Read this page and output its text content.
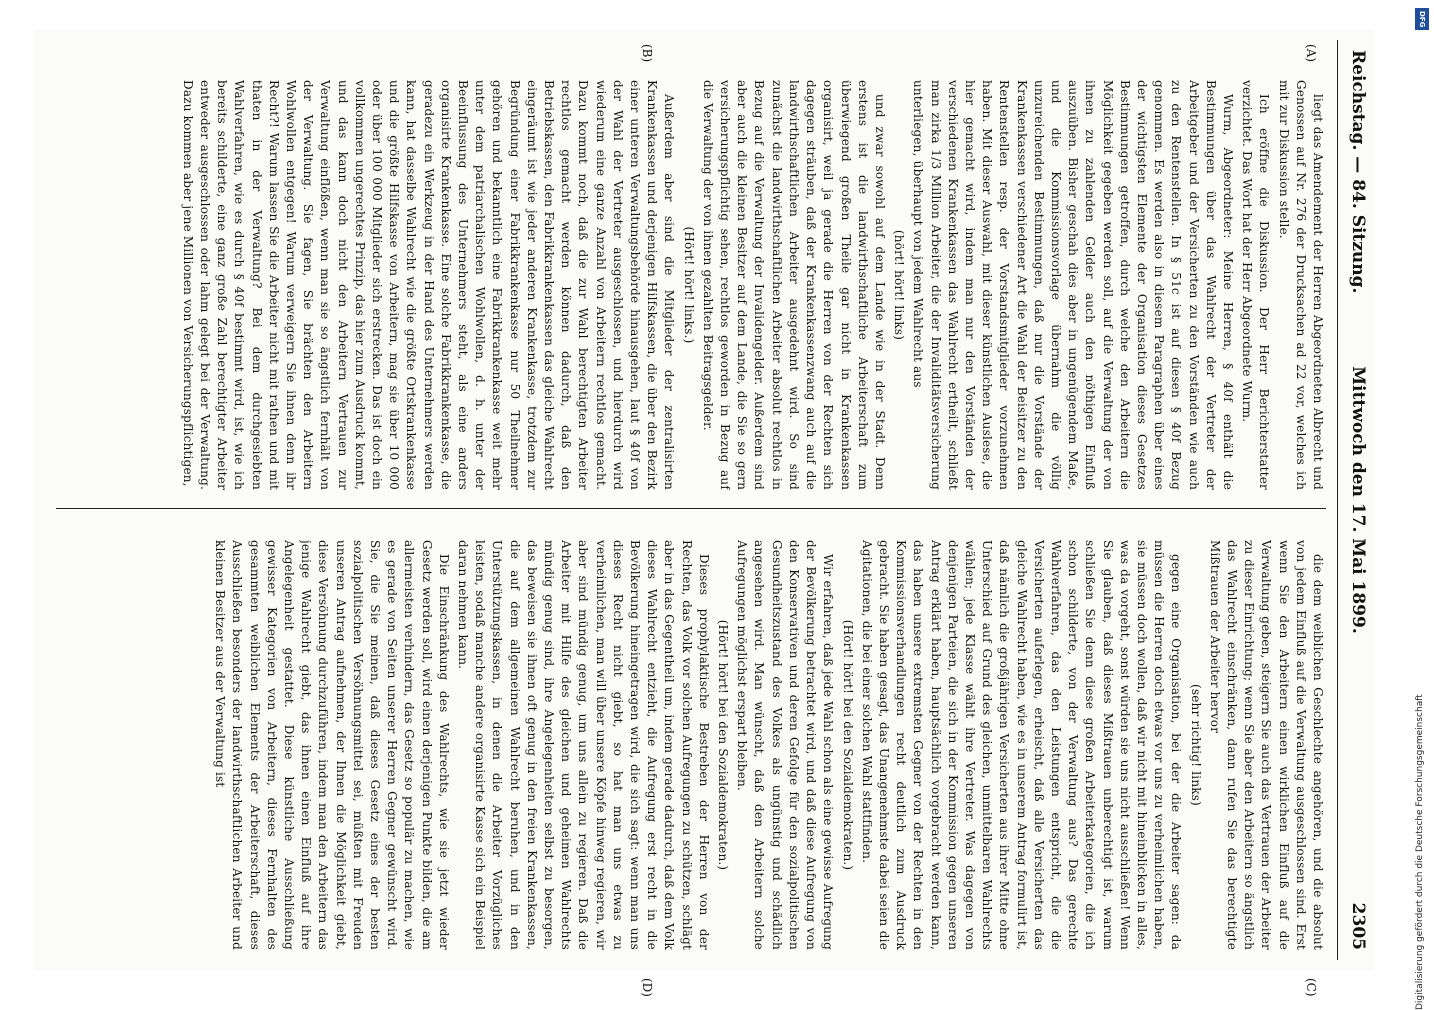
Reichstag. — 84. Sitzung.
Mittwoch den 17. Mai 1899.
2305
(A)
(B)
(C)
(D)

liegt das Amendement der Herren Abgeordneten Albrecht und Genossen auf Nr. 276 der Drucksachen ad 22 vor, welches ich mit zur Diskussion stelle.

Ich eröffne die Diskussion. Der Herr Berichterstatter verzichtet. Das Wort hat der Herr Abgeordnete Wurm.

Wurm, Abgeordneter: Meine Herren, § 40f enthält die Bestimmungen über das Wahlrecht der Vertreter der Arbeitgeber und der Versicherten zu den Vorständen wie auch zu den Rentenstellen. In § 51c ist auf diesen § 40f Bezug genommen. Es werden also in diesem Paragraphen über eines der wichtigsten Elemente der Organisation dieses Gesetzes Bestimmungen getroffen, durch welche den Arbeitern die Möglichkeit gegeben werden soll, auf die Verwaltung der von ihnen zu zahlenden Gelder auch den nöthigen Einfluß auszuüben. Bisher geschah dies aber in ungenügendem Maße, und die Kommissionsvorlage übernahm die völlig unzureichenden Bestimmungen, daß nur die Vorstände der Krankenkassen verschiedener Art die Wahl der Beisitzer zu den Rentenstellen resp. der Vorstandsmitglieder vorzunehmen haben. Mit dieser Auswahl, mit dieser künstlichen Auslese, die hier gemacht wird, indem man nur den Vorständen der verschiedenen Krankenkassen das Wahlrecht ertheilt, schließt man zirka 1/3 Million Arbeiter, die der Invaliditätsversicherung unterliegen, überhaupt von jedem Wahlrecht aus

(hört! hört! links)

und zwar sowohl auf dem Lande wie in der Stadt. Denn erstens ist die landwirthschaftliche Arbeiterschaft zum überwiegend großen Theile gar nicht in Krankenkassen organisirt, weil ja gerade die Herren von der Rechten sich dagegen sträuben, daß der Krankenkassenzwang auch auf die landwirthschaftlichen Arbeiter ausgedehnt wird. So sind zunächst die landwirthschaftlichen Arbeiter absolut rechtlos in Bezug auf die Verwaltung der Invalidengelder. Außerdem sind aber auch die kleinen Besitzer auf dem Lande, die Sie so gern versicherungspflichtig sehen, rechtlos geworden in Bezug auf die Verwaltung der von ihnen gezahlten Beitragsgelder.

(Hört! hört! links.)

Außerdem aber sind die Mitglieder der zentralisirten Krankenkassen und derjenigen Hilfskassen, die über den Bezirk einer unteren Verwaltungsbehörde hinausgehen, laut § 40f von der Wahl der Vertreter ausgeschlossen, und hierdurch wird wiederum eine ganze Anzahl von Arbeitern rechtlos gemacht. Dazu kommt noch, daß die zur Wahl berechtigten Arbeiter rechtlos gemacht werden können dadurch, daß den Betriebskassen, den Fabrikkrankenkassen das gleiche Wahlrecht eingeräumt ist wie jeder anderen Krankenkasse, trotzdem zur Begründung einer Fabrikkrankenkasse nur 50 Theilnehmer gehören und bekanntlich eine Fabrikkrankenkasse weit mehr unter dem patriarchalischen Wohlwollen, d. h. unter der Beeinflussung des Unternehmers steht, als eine anders organisirte Krankenkasse. Eine solche Fabrikkrankenkasse, die geradezu ein Werkzeug in der Hand des Unternehmers werden kann, hat dasselbe Wahlrecht wie die größte Ortskrankenkasse und die größte Hilfskasse von Arbeitern, mag sie über 10 000 oder über 100 000 Mitglieder sich erstrecken. Das ist doch ein vollkommen ungerechtes Prinzip, das hier zum Ausdruck kommt, und das kann doch nicht den Arbeitern Vertrauen zur Verwaltung einflößen, wenn man sie so ängstlich fernhält von der Verwaltung. Sie fagen, Sie brächten den Arbeitern Wohlwollen entgegen! Warum verweigern Sie ihnen denn ihr Recht?! Warum lassen Sie die Arbeiter nicht mit rathen und mit thaten in der Verwaltung? Bei dem durchgesiebten Wahlverfahren, wie es durch § 40f bestimmt wird, ist, wie ich bereits schilderte, eine ganz große Zahl berechtigter Arbeiter entweder ausgeschlossen oder lahm gelegt bei der Verwaltung. Dazu kommen aber jene Millionen von Versicherungspflichtigen,

die dem weiblichen Geschlechte angehören, und die absolut von jedem Einfluß auf die Verwaltung ausgeschlossen sind. Erst wenn Sie den Arbeitern einen wirklichen Einfluß auf die Verwaltung geben, steigern Sie auch das Vertrauen der Arbeiter zu dieser Einrichtung; wenn Sie aber den Arbeitern so ängstlich das Wahlrecht einschränken, dann rufen Sie das berechtigte Mißtrauen der Arbeiter hervor

(sehr richtig! links)

gegen eine Organisation, bei der die Arbeiter sagen: da müssen die Herren doch etwas vor uns zu verheimlichen haben, sie müssen doch wollen, daß wir nicht mit hineinblicken in alles, was da vorgeht, sonst würden sie uns nicht ausschließen! Wenn Sie glauben, daß dieses Mißtrauen unberechtigt ist, warum schließen Sie denn diese großen Arbeiterkategorien, die ich schon schilderte, von der Verwaltung aus? Das gerechte Wahlverfahren, das den Leistungen entspricht, die die Versicherten auferlegen, erheischt, daß alle Versicherten das gleiche Wahlrecht haben, wie es in unserem Antrag formulirt ist, daß nämlich die großjährigen Versicherten aus ihrer Mitte ohne Unterschied auf Grund des gleichen, unmittelbaren Wahlrechts wählen; jede Klasse wählt ihre Vertreter. Was dagegen von denjenigen Parteien, die sich in der Kommission gegen unseren Antrag erklärt haben, hauptsächlich vorgebracht werden kann, das haben unsere extremsten Gegner von der Rechten in den Kommissionsverhandlungen recht deutlich zum Ausdruck gebracht. Sie haben gesagt, das Unangenehmste dabei seien die Agitationen, die bei einer solchen Wahl stattfinden.

(Hört! hört! bei den Sozialdemokraten.)

Wir erfahren, daß jede Wahl schon als eine gewisse Aufregung der Bevölkerung betrachtet wird, und daß diese Aufregung von den Konservativen und deren Gefolge für den sozialpolitischen Gesundheitszustand des Volkes als ungünstig und schädlich angesehen wird. Man wünscht, daß den Arbeitern solche Aufregungen möglichst erspart bleiben.

(Hört! hört! bei den Sozialdemokraten.)

Dieses prophylaktische Bestreben der Herren von der Rechten, das Volk vor solchen Aufregungen zu schützen, schlägt aber in das Gegentheil um, indem gerade dadurch, daß dem Volk dieses Wahlrecht entzieht, die Aufregung erst recht in die Bevölkerung hineingetragen wird, die sich sagt: wenn man uns dieses Recht nicht giebt, so hat man uns etwas zu verheimlichen, man will über unsere Köpfe hinweg regieren, wir aber sind mündig genug, um uns allein zu regieren. Daß die Arbeiter mit Hilfe des gleichen und geheimen Wahlrechts mündig genug sind, ihre Angelegenheiten selbst zu besorgen, das beweisen sie ihnen oft genug in den freien Krankenkassen, die auf dem allgemeinen Wahlrecht beruhen, und in den Unterstützungskassen, in denen die Arbeiter Vorzügliches leisten, sodaß manche andere organisirte Kasse sich ein Beispiel daran nehmen kann.

Die Einschränkung des Wahlrechts, wie sie jetzt wieder Gesetz werden soll, wird einen derjenigen Punkte bilden, die am allermeisten verhindern, das Gesetz so populär zu machen, wie es gerade von Seiten unserer Herren Gegner gewünscht wird. Sie, die Sie meinen, daß dieses Gesetz eines der besten sozialpolitischen Versöhnungsmittel sei, müßten mit Freuden unseren Antrag aufnehmen, der Ihnen die Möglichkeit giebt, diese Versöhnung durchzuführen, indem man den Arbeitern das jenige Wahlrecht giebt, das ihnen einen Einfluß auf ihre Angelegenheit gestattet. Diese künstliche Ausschließung gewisser Kategorien von Arbeitern, dieses Fernhalten des gesammten weiblichen Elements der Arbeiterschaft, dieses Ausschließen besonders der landwirthschaftlichen Arbeiter und kleinen Besitzer aus der Verwaltung ist

DFG
Digitalisierung gefördert durch die Deutsche Forschungsgemeinschaft
